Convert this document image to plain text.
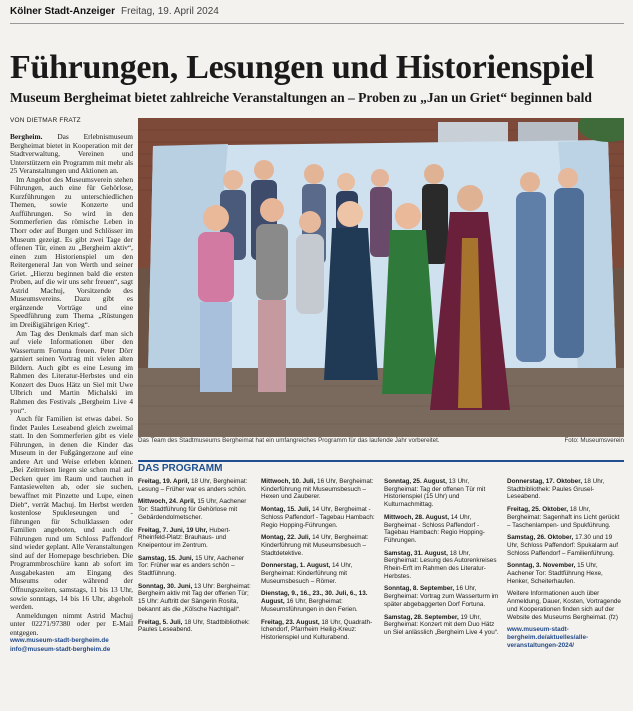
Kölner Stadt-Anzeiger Freitag, 19. April 2024
Führungen, Lesungen und Historienspiel
Museum Bergheimat bietet zahlreiche Veranstaltungen an – Proben zu „Jan un Griet“ beginnen bald
VON DIETMAR FRATZ

Bergheim. Das Erlebnismuseum Bergheimat bietet in Kooperation mit der Stadtverwaltung, Vereinen und Unterstützern ein Programm mit mehr als 25 Veranstaltungen und Aktionen an.

Im Angebot des Museumsverein stehen Führungen, auch eine für Gehörlose, Kurzführungen zu unterschiedlichen Themen, sowie Konzerte und Aufführungen. So wird in den Sommerferien das römische Leben in Thorr oder auf Burgen und Schlösser im Museum gezeigt. Es gibt zwei Tage der offenen Tür, einen zu „Bergheim aktiv“, einen zum Historienspiel um den Reitergeneral Jan von Werth und seiner Griet. „Hierzu beginnen bald die ersten Proben, auf die wir uns sehr freuen“, sagt Astrid Machuj, Vorsitzende des Museumsvereins. Dazu gibt es ergänzende Vorträge und eine Speedführung zum Thema „Rüstungen im Dreißigjährigen Krieg“.

Am Tag des Denkmals darf man sich auf viele Informationen über den Wasserturm Fortuna freuen. Peter Dörr garniert seinen Vortrag mit vielen alten Bildern. Auch gibt es eine Lesung im Rahmen des Literatur-Herbstes und ein Konzert des Duos Hätz un Siel mit Uwe Ulbrich und Martin Michalski im Rahmen des Festivals „Bergheim Live 4 you“.

Auch für Familien ist etwas dabei. So findet Paules Leseabend gleich zweimal statt. In den Sommerferien gibt es viele Führungen, in denen die Kinder das Museum in der Fußgängerzone auf eine andere Art und Weise erleben können. „Bei Zeitreisen liegen sie schon mal auf Decken quer im Raum und tauchen in Fantasiewelten ab, oder sie suchen, bewaffnet mit Pinzette und Lupe, einen Dieb“, verrät Machuj. Im Herbst werden kostenlose Spukleseungen und -führungen für Schulklassen oder Familien angeboten, und auch die Führungen rund um Schloss Paffendorf sind wieder geplant. Alle Veranstaltungen sind auf der Homepage beschrieben. Die Programmbroschüre kann ab sofort im Ausgabekasten am Eingang des Museums oder während der Öffnungszeiten, samstags, 11 bis 13 Uhr, sowie sonntags, 14 bis 16 Uhr, abgeholt werden.

Anmeldungen nimmt Astrid Machuj unter 02271/97380 oder per E-Mail entgegen.

www.museum-stadt-bergheim.de
info@museum-stadt-bergheim.de
Das Team des Stadtmuseums Bergheimat hat ein umfangreiches Programm für das laufende Jahr vorbereitet.	Foto: Museumsverein
DAS PROGRAMM
Freitag, 19. April, 18 Uhr, Bergheimat: Lesung – Früher war es anders schön.
Mittwoch, 24. April, 15 Uhr, Aachener Tor: Stadtführung für Gehörlose mit Gebärdendolmetscher.
Freitag, 7. Juni, 19 Uhr, Hubert-Rheinfeld-Platz: Brauhaus- und Kneipentour im Zentrum.
Samstag, 15. Juni, 15 Uhr, Aachener Tor: Früher war es anders schön – Stadtführung.
Sonntag, 30. Juni, 13 Uhr: Bergheimat: Bergheim aktiv mit Tag der offenen Tür; 15 Uhr: Auftritt der Sängerin Rosita, bekannt als die „Kölsche Nachtigall“.
Freitag, 5. Juli, 18 Uhr, Stadtbibliothek: Paules Leseabend.
Mittwoch, 10. Juli, 16 Uhr, Bergheimat: Kinderführung mit Museumsbesuch – Hexen und Zauberer.
Montag, 15. Juli, 14 Uhr, Bergheimat - Schloss Paffendorf - Tagebau Hambach: Regio Hopping-Führungen.
Montag, 22. Juli, 14 Uhr, Bergheimat: Kinderführung mit Museumsbesuch – Stadtdetektive.
Donnerstag, 1. August, 14 Uhr, Bergheimat: Kinderführung mit Museumsbesuch – Römer.
Dienstag, 9., 16., 23., 30. Juli, 6., 13. August, 16 Uhr, Bergheimat: Museumsführungen in den Ferien.
Freitag, 23. August, 18 Uhr, Quadrath-Ichendorf, Pfarrheim Heilig-Kreuz: Historienspiel und Kulturabend.
Sonntag, 25. August, 13 Uhr, Bergheimat: Tag der offenen Tür mit Historienspiel (15 Uhr) und Kulturnachmittag.
Mittwoch, 28. August, 14 Uhr, Bergheimat - Schloss Paffendorf - Tagebau Hambach: Regio Hopping-Führungen.
Samstag, 31. August, 18 Uhr, Bergheimat: Lesung des Autorenkreises Rhein-Erft im Rahmen des Literatur-Herbstes.
Sonntag, 8. September, 16 Uhr, Bergheimat: Vortrag zum Wasserturm im später abgebaggerten Dorf Fortuna.
Samstag, 28. September, 19 Uhr, Bergheimat: Konzert mit dem Duo Hätz un Siel anlässlich „Bergheim Live 4 you“.
Donnerstag, 17. Oktober, 18 Uhr, Stadtbibliothek: Paules Grusel-Leseabend.
Freitag, 25. Oktober, 18 Uhr, Bergheimat: Sagenhaft ins Licht gerückt – Taschenlampen- und Spukführung.
Samstag, 26. Oktober, 17.30 und 19 Uhr, Schloss Paffendorf: Spukalarm auf Schloss Paffendorf – Familienführung.
Sonntag, 3. November, 15 Uhr, Aachener Tor: Stadtführung Hexe, Henker, Scheiterhaufen.
Weitere Informationen auch über Anmeldung, Dauer, Kosten, Vortragende und Kooperationen finden sich auf der Website des Museums Bergheimat. (fz)
www.museum-stadt-bergheim.de/aktuelles/alle-veranstaltungen-2024/
